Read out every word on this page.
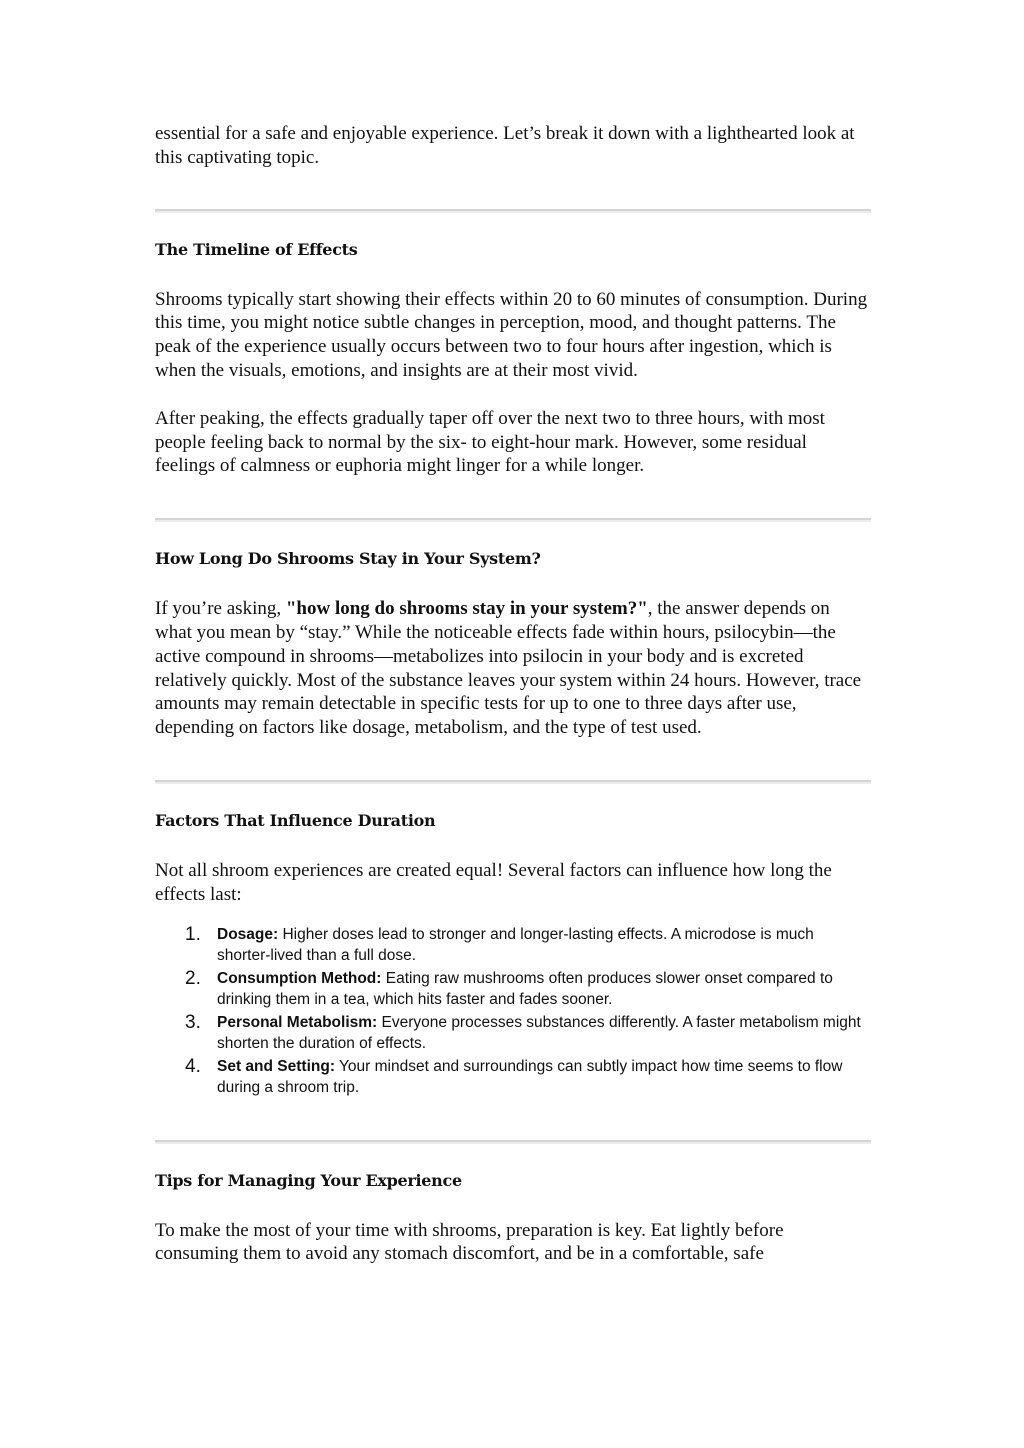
essential for a safe and enjoyable experience. Let’s break it down with a lighthearted look at this captivating topic.

The Timeline of Effects

Shrooms typically start showing their effects within 20 to 60 minutes of consumption. During this time, you might notice subtle changes in perception, mood, and thought patterns. The peak of the experience usually occurs between two to four hours after ingestion, which is when the visuals, emotions, and insights are at their most vivid.

After peaking, the effects gradually taper off over the next two to three hours, with most people feeling back to normal by the six- to eight-hour mark. However, some residual feelings of calmness or euphoria might linger for a while longer.

How Long Do Shrooms Stay in Your System?

If you’re asking, "how long do shrooms stay in your system?", the answer depends on what you mean by “stay.” While the noticeable effects fade within hours, psilocybin—the active compound in shrooms—metabolizes into psilocin in your body and is excreted relatively quickly. Most of the substance leaves your system within 24 hours. However, trace amounts may remain detectable in specific tests for up to one to three days after use, depending on factors like dosage, metabolism, and the type of test used.

Factors That Influence Duration

Not all shroom experiences are created equal! Several factors can influence how long the effects last:

1.	Dosage: Higher doses lead to stronger and longer-lasting effects. A microdose is much shorter-lived than a full dose.
2.	Consumption Method: Eating raw mushrooms often produces slower onset compared to drinking them in a tea, which hits faster and fades sooner.
3.	Personal Metabolism: Everyone processes substances differently. A faster metabolism might shorten the duration of effects.
4.	Set and Setting: Your mindset and surroundings can subtly impact how time seems to flow during a shroom trip.
Tips for Managing Your Experience

To make the most of your time with shrooms, preparation is key. Eat lightly before consuming them to avoid any stomach discomfort, and be in a comfortable, safe
